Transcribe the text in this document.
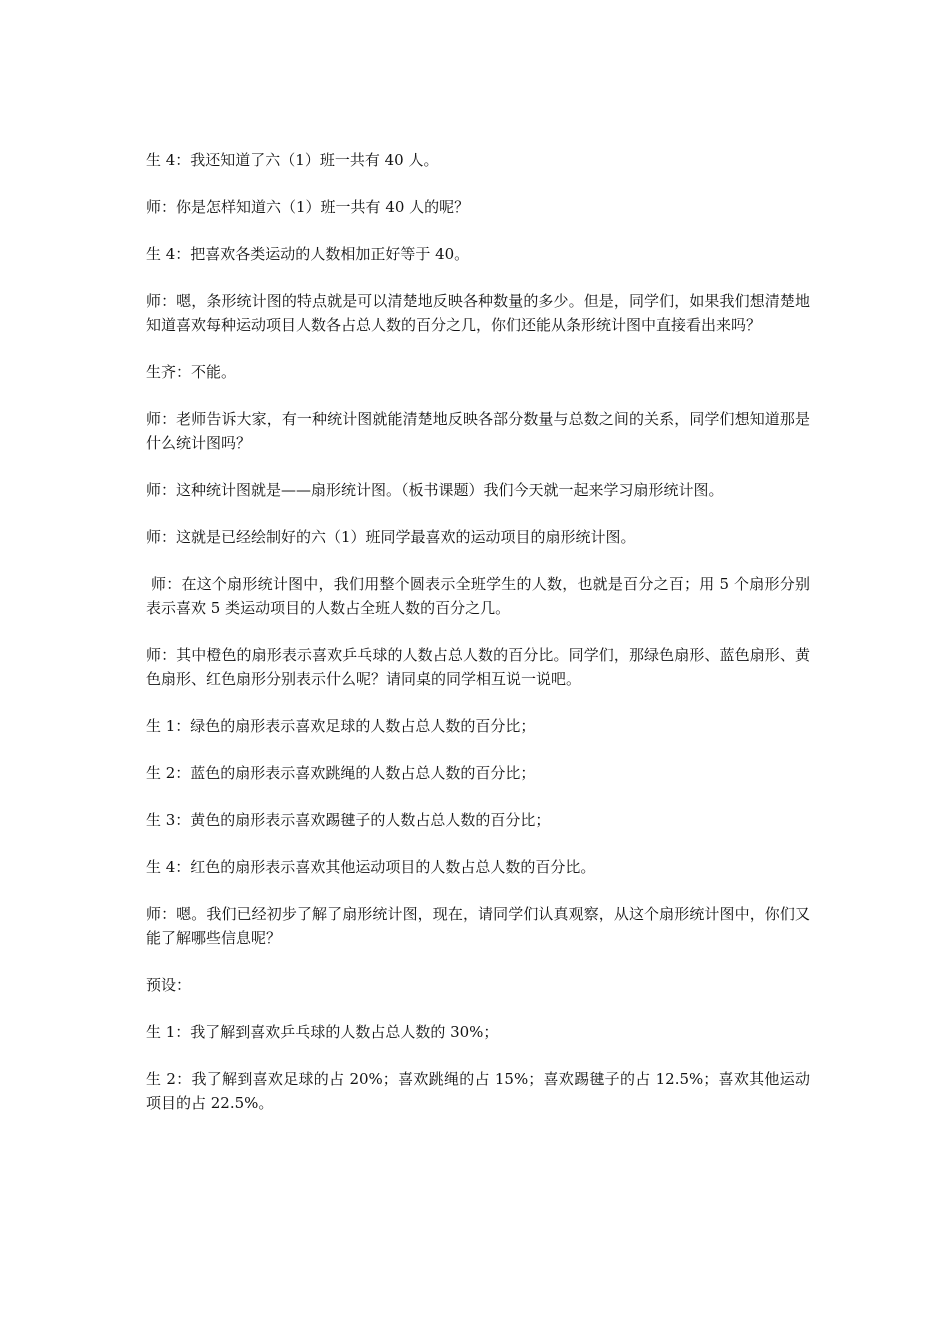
生 4：我还知道了六（1）班一共有 40 人。

师：你是怎样知道六（1）班一共有 40 人的呢？

生 4：把喜欢各类运动的人数相加正好等于 40。

师：嗯，条形统计图的特点就是可以清楚地反映各种数量的多少。但是，同学们，如果我们想清楚地知道喜欢每种运动项目人数各占总人数的百分之几，你们还能从条形统计图中直接看出来吗？

生齐：不能。

师：老师告诉大家，有一种统计图就能清楚地反映各部分数量与总数之间的关系，同学们想知道那是什么统计图吗？

师：这种统计图就是——扇形统计图。（板书课题）我们今天就一起来学习扇形统计图。

师：这就是已经绘制好的六（1）班同学最喜欢的运动项目的扇形统计图。

师：在这个扇形统计图中，我们用整个圆表示全班学生的人数，也就是百分之百；用 5 个扇形分别表示喜欢 5 类运动项目的人数占全班人数的百分之几。

师：其中橙色的扇形表示喜欢乒乓球的人数占总人数的百分比。同学们，那绿色扇形、蓝色扇形、黄色扇形、红色扇形分别表示什么呢？请同桌的同学相互说一说吧。

生 1：绿色的扇形表示喜欢足球的人数占总人数的百分比；

生 2：蓝色的扇形表示喜欢跳绳的人数占总人数的百分比；

生 3：黄色的扇形表示喜欢踢毽子的人数占总人数的百分比；

生 4：红色的扇形表示喜欢其他运动项目的人数占总人数的百分比。

师：嗯。我们已经初步了解了扇形统计图，现在，请同学们认真观察，从这个扇形统计图中，你们又能了解哪些信息呢？

预设：

生 1：我了解到喜欢乒乓球的人数占总人数的 30%；

生 2：我了解到喜欢足球的占 20%；喜欢跳绳的占 15%；喜欢踢毽子的占 12.5%；喜欢其他运动项目的占 22.5%。
